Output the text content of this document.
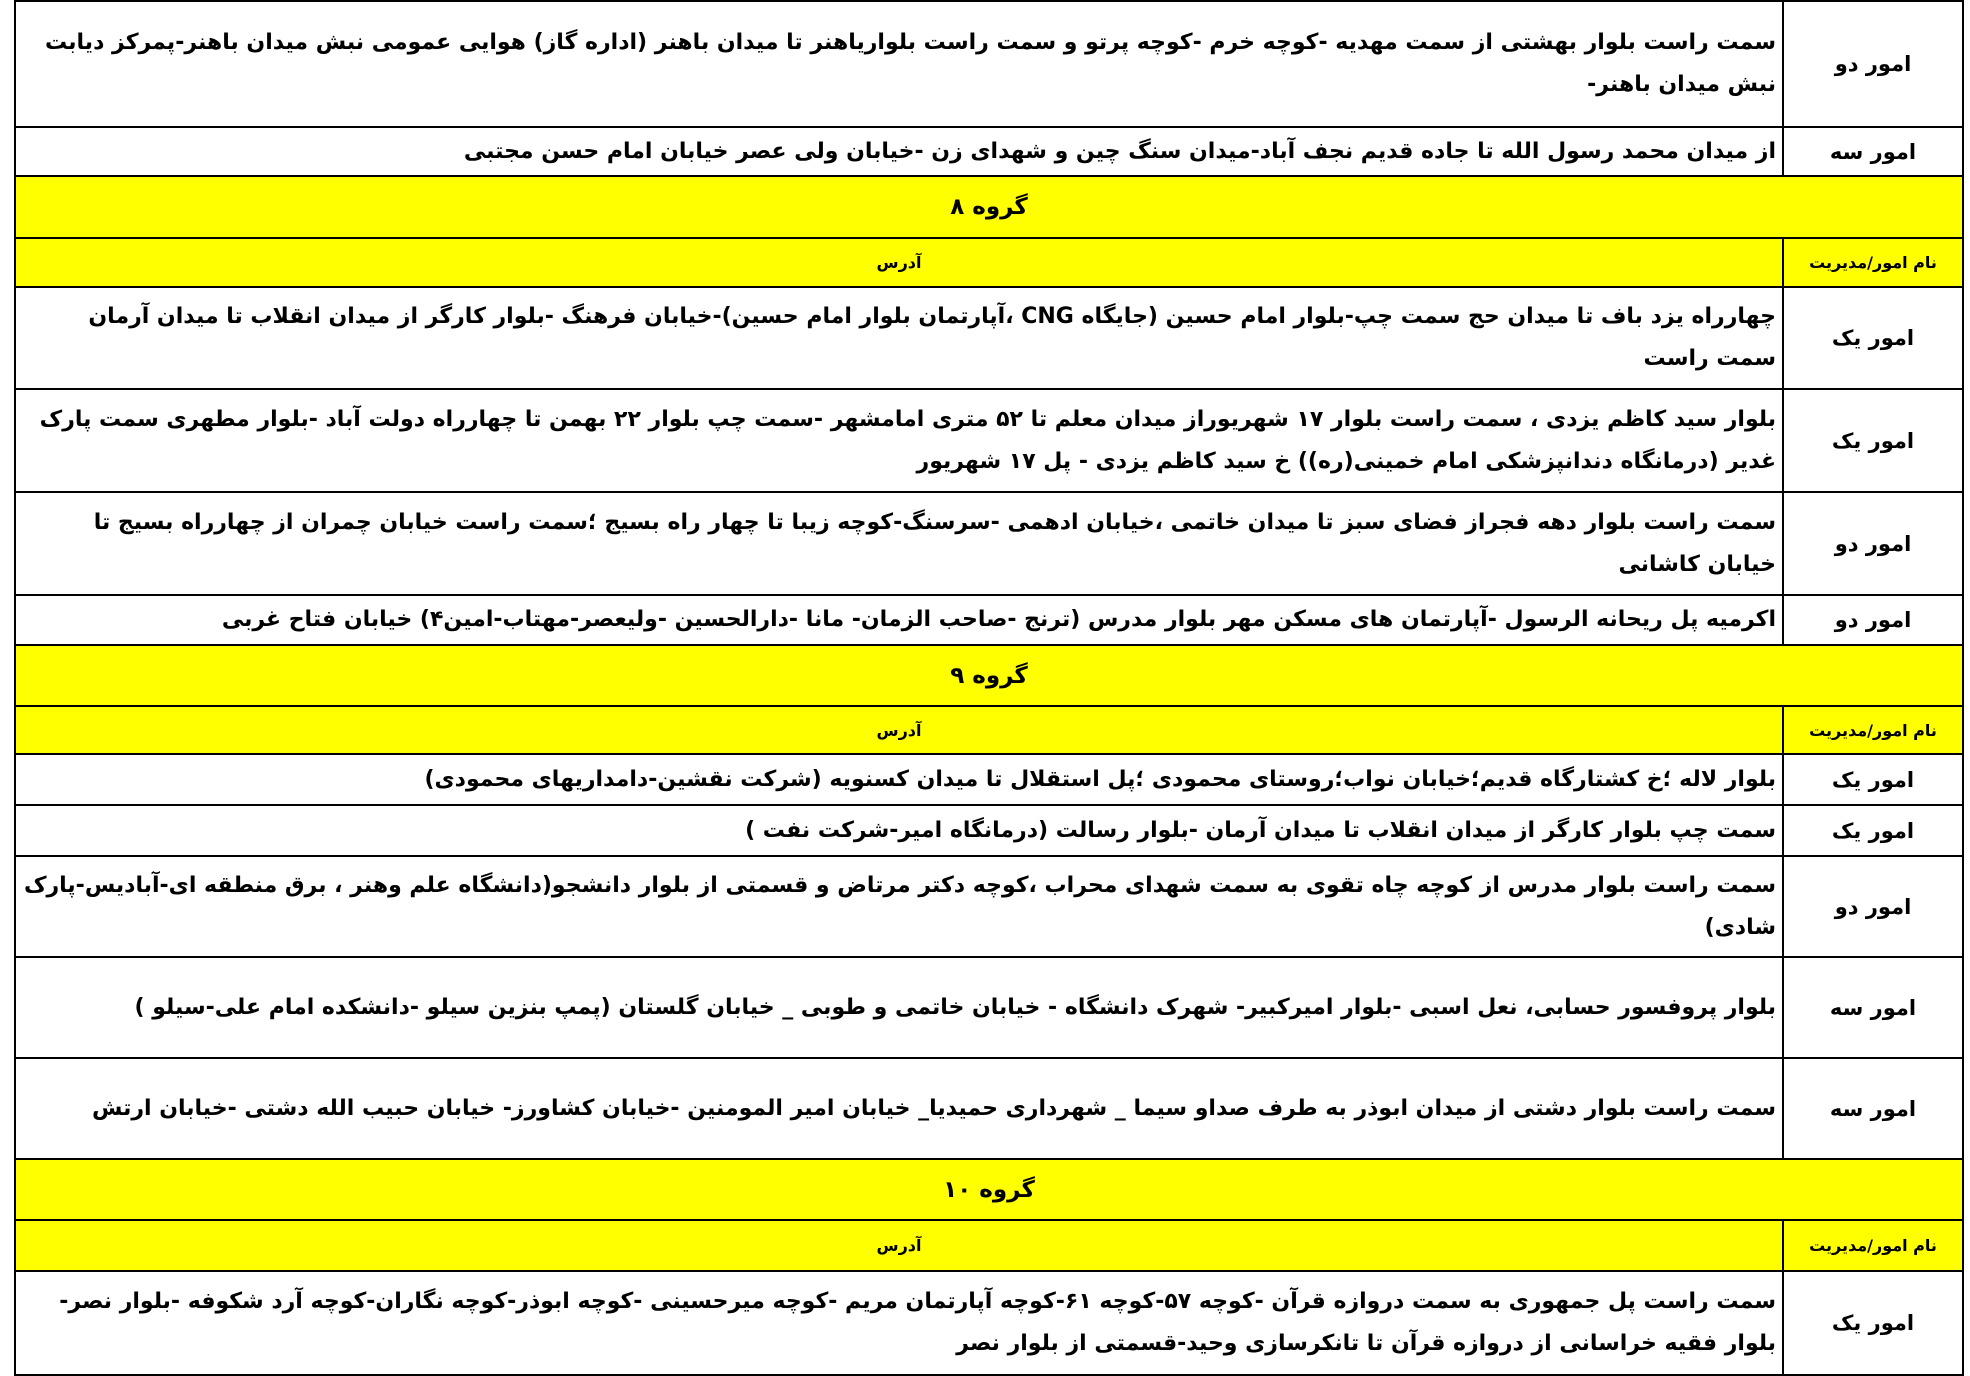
امور دو	سمت راست بلوار بهشتی از سمت مهدیه -کوچه خرم -کوچه پرتو و سمت راست بلواریاهنر تا میدان باهنر (اداره گاز) هوایی عمومی نبش میدان باهنر-پمرکز دیابت نبش میدان باهنر-
امور سه	از میدان محمد رسول الله تا جاده قدیم نجف آباد-میدان سنگ چین و شهدای زن -خیابان ولی عصر خیابان امام حسن مجتبی
گروه ۸	
نام امور/مدیریت	آدرس
امور یک	چهارراه یزد باف تا میدان حج سمت چپ-بلوار امام حسین (جایگاه CNG ،آپارتمان بلوار امام حسین)-خیابان فرهنگ -بلوار کارگر از میدان انقلاب تا میدان آرمان سمت راست
امور یک	بلوار سید کاظم یزدی ، سمت راست بلوار ۱۷ شهریوراز میدان معلم تا ۵۲ متری امامشهر -سمت چپ بلوار ۲۲ بهمن تا چهارراه دولت آباد -بلوار مطهری سمت پارک غدیر (درمانگاه دندانپزشکی امام خمینی(ره)) خ سید کاظم یزدی - پل ۱۷ شهریور
امور دو	سمت راست بلوار دهه فجراز فضای سبز تا میدان خاتمی ،خیابان ادهمی -سرسنگ-کوچه زیبا تا چهار راه بسیج ؛سمت راست خیابان چمران از چهارراه بسیج تا خیابان کاشانی
امور دو	اکرمیه پل ریحانه الرسول -آپارتمان های مسکن مهر بلوار مدرس (ترنج -صاحب الزمان- مانا -دارالحسین -ولیعصر-مهتاب-امین۴) خیابان فتاح غربی
گروه ۹	
نام امور/مدیریت	آدرس
امور یک	بلوار لاله ؛خ کشتارگاه قدیم؛خیابان نواب؛روستای محمودی ؛پل استقلال تا میدان کسنویه (شرکت نقشین-دامداریهای محمودی)
امور یک	سمت چپ بلوار کارگر از میدان انقلاب تا میدان آرمان -بلوار رسالت (درمانگاه امیر-شرکت نفت )
امور دو	سمت راست بلوار مدرس از کوچه چاه تقوی به سمت شهدای محراب ،کوچه دکتر مرتاض و قسمتی از بلوار دانشجو(دانشگاه علم وهنر ، برق منطقه ای-آبادیس-پارک شادی)
امور سه	بلوار پروفسور حسابی، نعل اسبی -بلوار امیرکبیر- شهرک دانشگاه - خیابان خاتمی و طوبی _ خیابان گلستان (پمپ بنزین سیلو -دانشکده امام علی-سیلو )
امور سه	سمت راست بلوار دشتی از میدان ابوذر به طرف صداو سیما _ شهرداری حمیدیا_ خیابان امیر المومنین -خیابان کشاورز- خیابان حبیب الله دشتی -خیابان ارتش
گروه ۱۰	
نام امور/مدیریت	آدرس
امور یک	سمت راست پل جمهوری به سمت دروازه قرآن -کوچه ۵۷-کوچه ۶۱-کوچه آپارتمان مریم -کوچه میرحسینی -کوچه ابوذر-کوچه نگاران-کوچه آرد شکوفه -بلوار نصر-بلوار فقیه خراسانی از دروازه قرآن تا تانکرسازی وحید-قسمتی از بلوار نصر
